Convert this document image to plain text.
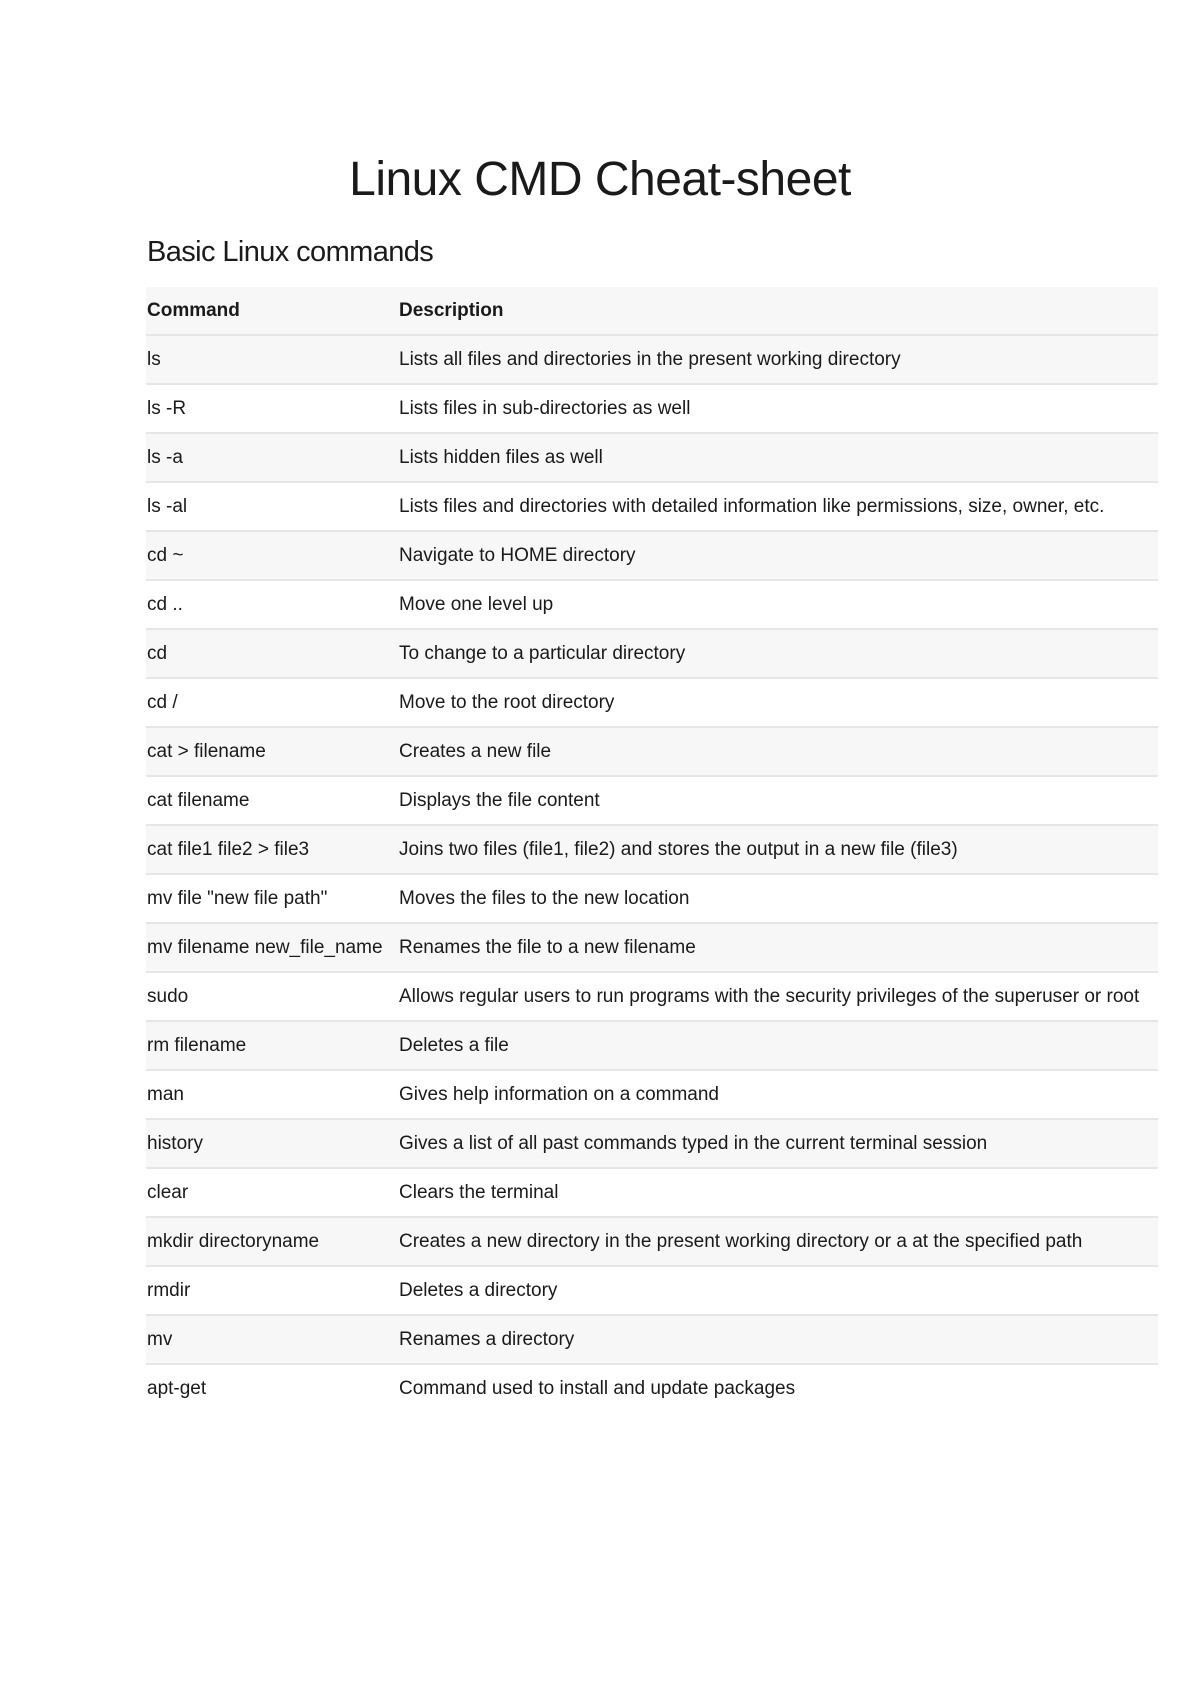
Linux CMD Cheat-sheet
Basic Linux commands
Command	Description
ls	Lists all files and directories in the present working directory
ls -R	Lists files in sub-directories as well
ls -a	Lists hidden files as well
ls -al	Lists files and directories with detailed information like permissions, size, owner, etc.
cd ~	Navigate to HOME directory
cd ..	Move one level up
cd	To change to a particular directory
cd /	Move to the root directory
cat > filename	Creates a new file
cat filename	Displays the file content
cat file1 file2 > file3	Joins two files (file1, file2) and stores the output in a new file (file3)
mv file "new file path"	Moves the files to the new location
mv filename new_file_name	Renames the file to a new filename
sudo	Allows regular users to run programs with the security privileges of the superuser or root
rm filename	Deletes a file
man	Gives help information on a command
history	Gives a list of all past commands typed in the current terminal session
clear	Clears the terminal
mkdir directoryname	Creates a new directory in the present working directory or a at the specified path
rmdir	Deletes a directory
mv	Renames a directory
apt-get	Command used to install and update packages
